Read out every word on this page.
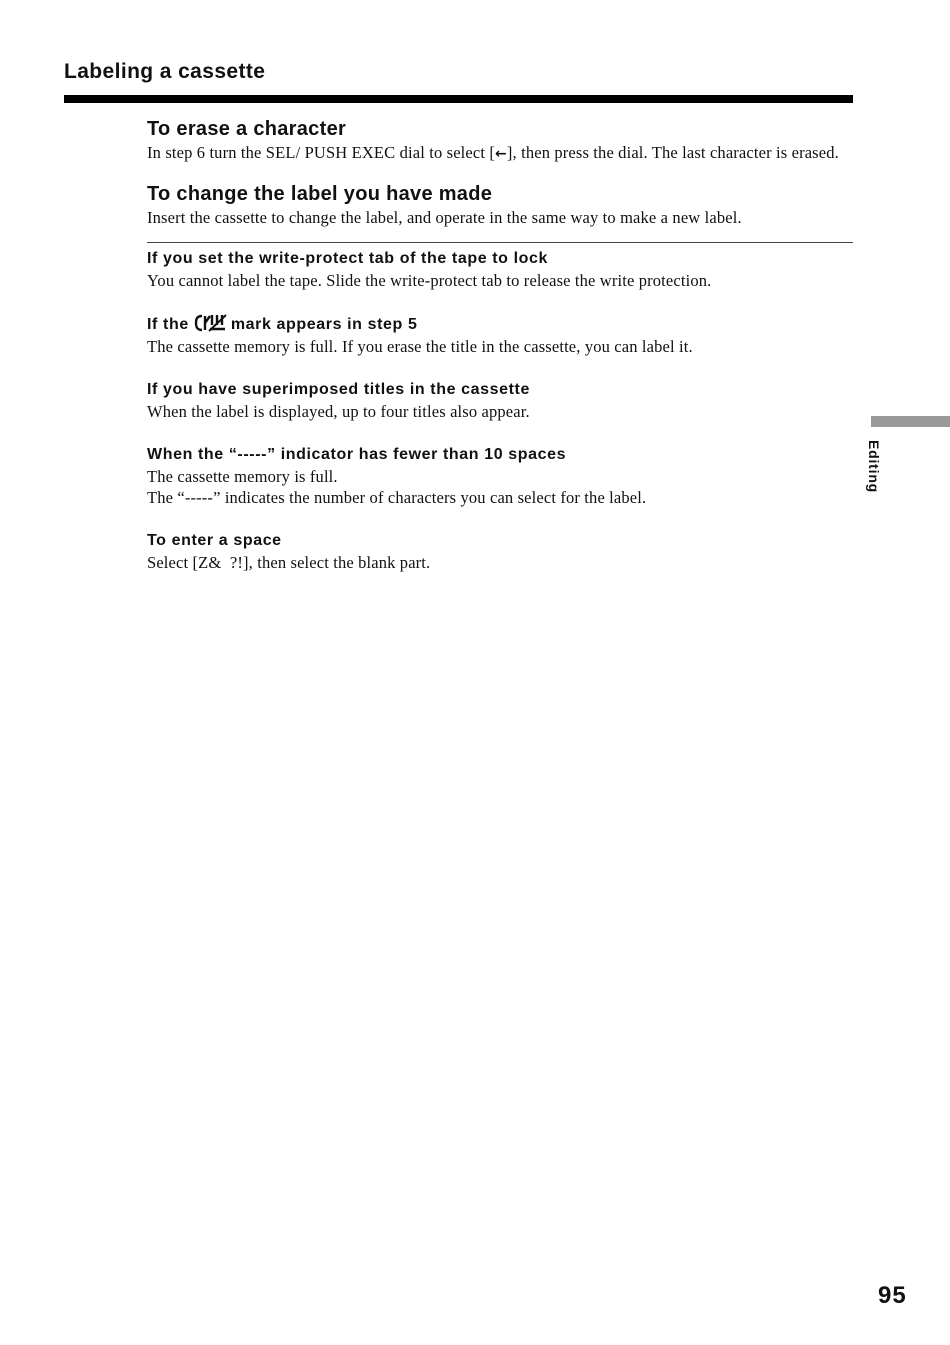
Labeling a cassette
To erase a character

In step 6 turn the SEL/ PUSH EXEC dial to select [←], then press the dial. The last character is erased.

To change the label you have made

Insert the cassette to change the label, and operate in the same way to make a new label.

If you set the write-protect tab of the tape to lock

You cannot label the tape. Slide the write-protect tab to release the write protection.

If the	mark appears in step 5

The cassette memory is full. If you erase the title in the cassette, you can label it.

If you have superimposed titles in the cassette

When the label is displayed, up to four titles also appear.

When the “-----” indicator has fewer than 10 spaces

The cassette memory is full.

The “-----” indicates the number of characters you can select for the label.

To enter a space

Select [Z&  ?!], then select the blank part.

Editing
95
